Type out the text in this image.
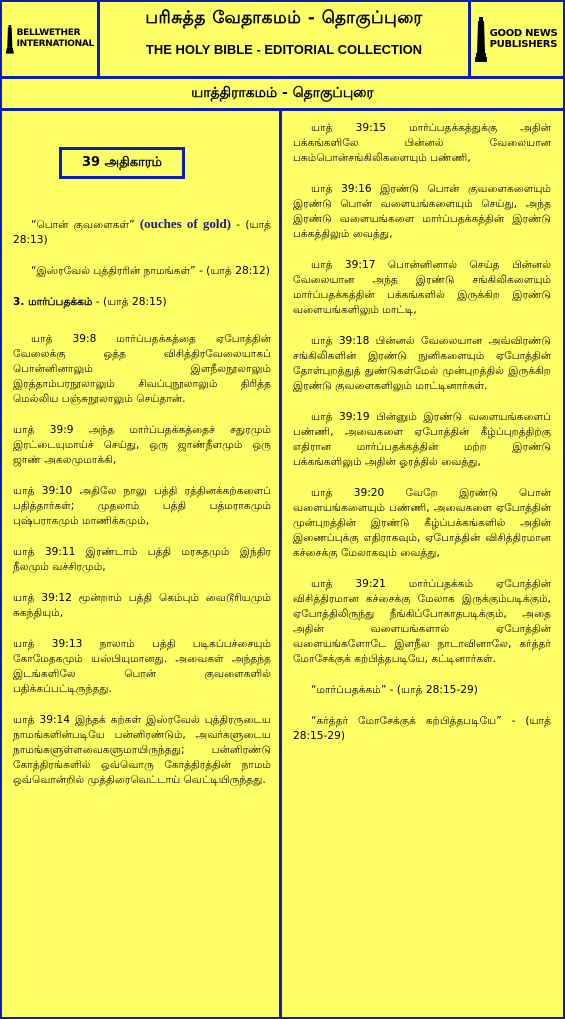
BELLWETHER
INTERNATIONAL
பரிசுத்த வேதாகமம் - தொகுப்புரை
THE HOLY BIBLE - EDITORIAL COLLECTION
GOOD NEWS
PUBLISHERS
யாத்திராகமம் - தொகுப்புரை
39 அதிகாரம்

“பொன் குவளைகள்” (ouches of gold) - (யாத் 28:13)

“இஸ்ரவேல் புத்திரரின் நாமங்கள்” - (யாத் 28:12)

3. மார்ப்பதக்கம் - (யாத் 28:15)

யாத் 39:8 மார்ப்பதக்கத்தை ஏபோத்தின் வேலைக்கு ஒத்த விசித்திரவேலையாகப் பொன்னினாலும் இளநீலநூலாலும் இரத்தாம்பரநூலாலும் சிவப்புநூலாலும் திரித்த மெல்லிய பஞ்சுநூலாலும் செய்தான்.

யாத் 39:9 அந்த மார்ப்பதக்கத்தைச் சதுரமும் இரட்டையுமாய்ச் செய்து, ஒரு ஜாண்நீளமும் ஒரு ஜாண் அகலமுமாக்கி,

யாத் 39:10 அதிலே நாலு பத்தி ரத்தினக்கற்களைப் பதித்தார்கள்; முதலாம் பத்தி பத்மராகமும் புஷ்பராகமும் மாணிக்கமும்,

யாத் 39:11 இரண்டாம் பத்தி மரகதமும் இந்திர நீலமும் வச்சிரமும்,

யாத் 39:12 மூன்றாம் பத்தி கெம்பும் வைடூரியமும் சுகந்தியும்,

யாத் 39:13 நாலாம் பத்தி படிகப்பச்சையும் கோமேதகமும் யஸ்பியுமானது. அவைகள் அந்தந்த இடங்களிலே பொன் குவளைகளில் பதிக்கப்பட்டிருந்தது.

யாத் 39:14 இந்தக் கற்கள் இஸ்ரவேல் புத்திரருடைய நாமங்களின்படியே பன்னிரண்டும், அவர்களுடைய நாமங்களுள்ளவைகளுமாயிருந்தது; பன்னிரண்டு கோத்திரங்களில் ஒவ்வொரு கோத்திரத்தின் நாமம் ஒவ்வொன்றில் முத்திரைவெட்டாய் வெட்டியிருந்தது.

யாத் 39:15 மார்ப்பதக்கத்துக்கு அதின் பக்கங்களிலே பின்னல் வேலையான பசும்பொன்சங்கிலிகளையும் பண்ணி,

யாத் 39:16 இரண்டு பொன் குவளைகளையும் இரண்டு பொன் வளையங்களையும் செய்து, அந்த இரண்டு வளையங்களை மார்ப்பதக்கத்தின் இரண்டு பக்கத்திலும் வைத்து,

யாத் 39:17 பொன்னினால் செய்த பின்னல் வேலையான அந்த இரண்டு சங்கிலிகளையும் மார்ப்பதக்கத்தின் பக்கங்களில் இருக்கிற இரண்டு வளையங்களிலும் மாட்டி,

யாத் 39:18 பின்னல் வேலையான அவ்விரண்டு சங்கிலிகளின் இரண்டு நுனிகளையும் ஏபோத்தின் தோள்புறத்துத் துண்டுகள்மேல் முன்புறத்தில் இருக்கிற இரண்டு குவளைகளிலும் மாட்டினார்கள்.

யாத் 39:19 பின்னும் இரண்டு வளையங்களைப் பண்ணி, அவைகளை ஏபோத்தின் கீழ்ப்புறத்திற்கு எதிரான மார்ப்பதக்கத்தின் மற்ற இரண்டு பக்கங்களிலும் அதின் ஓரத்தில் வைத்து,

யாத் 39:20 வேறே இரண்டு பொன் வளையங்களையும் பண்ணி, அவைகளை ஏபோத்தின் முன்புறத்தின் இரண்டு கீழ்ப்பக்கங்களில் அதின் இணைப்புக்கு எதிராகவும், ஏபோத்தின் விசித்திரமான கச்சைக்கு மேலாகவும் வைத்து,

யாத் 39:21 மார்ப்பதக்கம் ஏபோத்தின் விசித்திரமான கச்சைக்கு மேலாக இருக்கும்படிக்கும், ஏபோத்திலிருந்து நீங்கிப்போகாதபடிக்கும், அதை அதின் வளையங்களால் ஏபோத்தின் வளையங்களோடே இளநீல நாடாவினாலே, கர்த்தர் மோசேக்குக் கற்பித்தபடியே, கட்டினார்கள்.

“மார்ப்பதக்கம்” - (யாத் 28:15-29)

“கர்த்தர் மோசேக்குக் கற்பித்தபடியே” - (யாத் 28:15-29)
